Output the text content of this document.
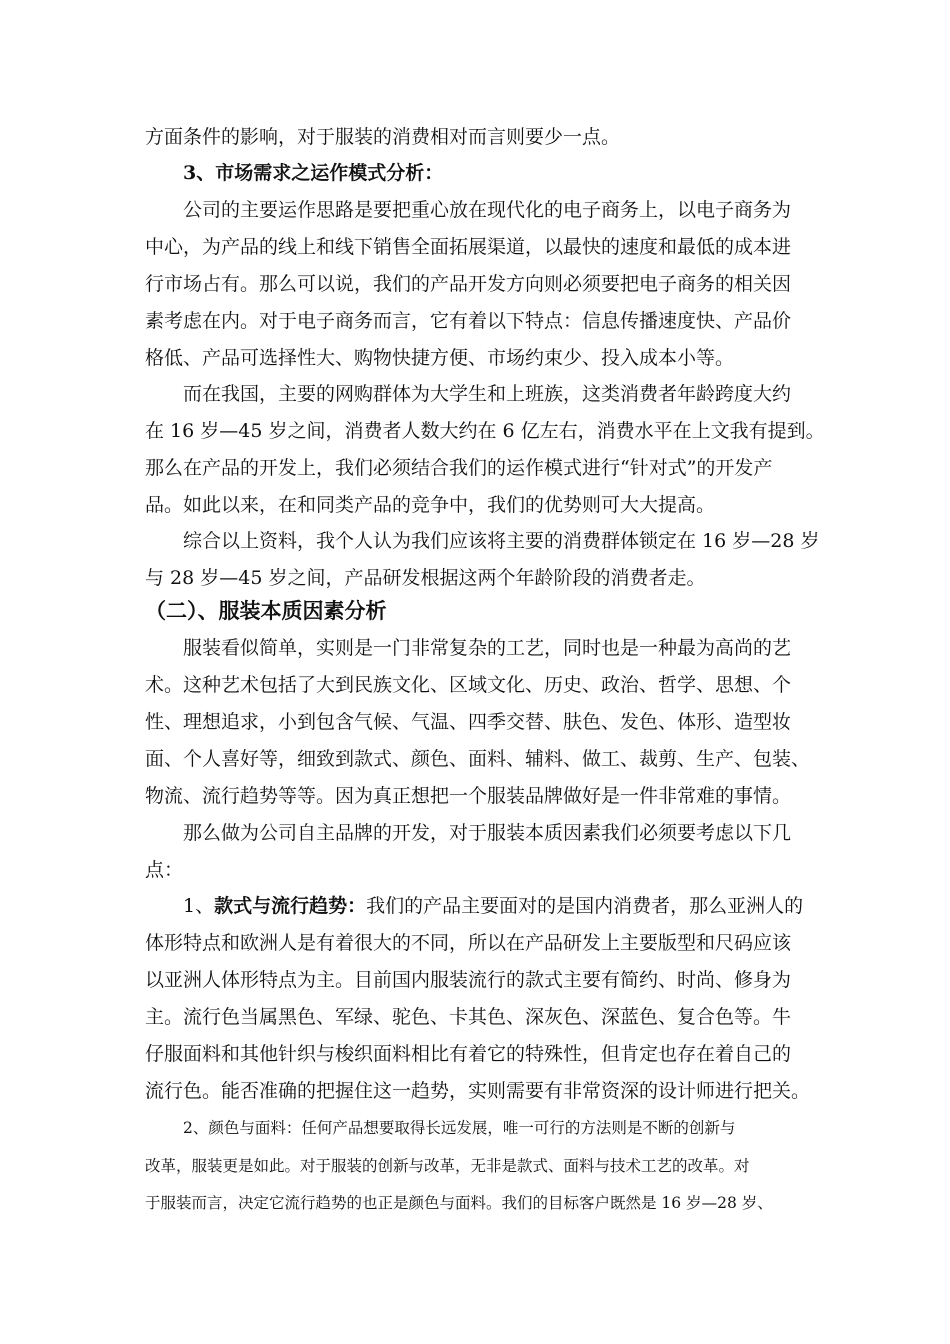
方面条件的影响，对于服装的消费相对而言则要少一点。
3、市场需求之运作模式分析：
公司的主要运作思路是要把重心放在现代化的电子商务上，以电子商务为
中心，为产品的线上和线下销售全面拓展渠道，以最快的速度和最低的成本进
行市场占有。那么可以说，我们的产品开发方向则必须要把电子商务的相关因
素考虑在内。对于电子商务而言，它有着以下特点：信息传播速度快、产品价
格低、产品可选择性大、购物快捷方便、市场约束少、投入成本小等。
而在我国，主要的网购群体为大学生和上班族，这类消费者年龄跨度大约
在 16 岁—45 岁之间，消费者人数大约在 6 亿左右，消费水平在上文我有提到。
那么在产品的开发上，我们必须结合我们的运作模式进行“针对式”的开发产
品。如此以来，在和同类产品的竞争中，我们的优势则可大大提高。
综合以上资料，我个人认为我们应该将主要的消费群体锁定在 16 岁—28 岁
与 28 岁—45 岁之间，产品研发根据这两个年龄阶段的消费者走。
（二）、服装本质因素分析
服装看似简单，实则是一门非常复杂的工艺，同时也是一种最为高尚的艺
术。这种艺术包括了大到民族文化、区域文化、历史、政治、哲学、思想、个
性、理想追求，小到包含气候、气温、四季交替、肤色、发色、体形、造型妆
面、个人喜好等，细致到款式、颜色、面料、辅料、做工、裁剪、生产、包装、
物流、流行趋势等等。因为真正想把一个服装品牌做好是一件非常难的事情。
那么做为公司自主品牌的开发，对于服装本质因素我们必须要考虑以下几
点：
1、款式与流行趋势：我们的产品主要面对的是国内消费者，那么亚洲人的
体形特点和欧洲人是有着很大的不同，所以在产品研发上主要版型和尺码应该
以亚洲人体形特点为主。目前国内服装流行的款式主要有简约、时尚、修身为
主。流行色当属黑色、军绿、驼色、卡其色、深灰色、深蓝色、复合色等。牛
仔服面料和其他针织与梭织面料相比有着它的特殊性，但肯定也存在着自己的
流行色。能否准确的把握住这一趋势，实则需要有非常资深的设计师进行把关。
2、颜色与面料：任何产品想要取得长远发展，唯一可行的方法则是不断的创新与
改革，服装更是如此。对于服装的创新与改革，无非是款式、面料与技术工艺的改革。对
于服装而言，决定它流行趋势的也正是颜色与面料。我们的目标客户既然是 16 岁—28 岁、
